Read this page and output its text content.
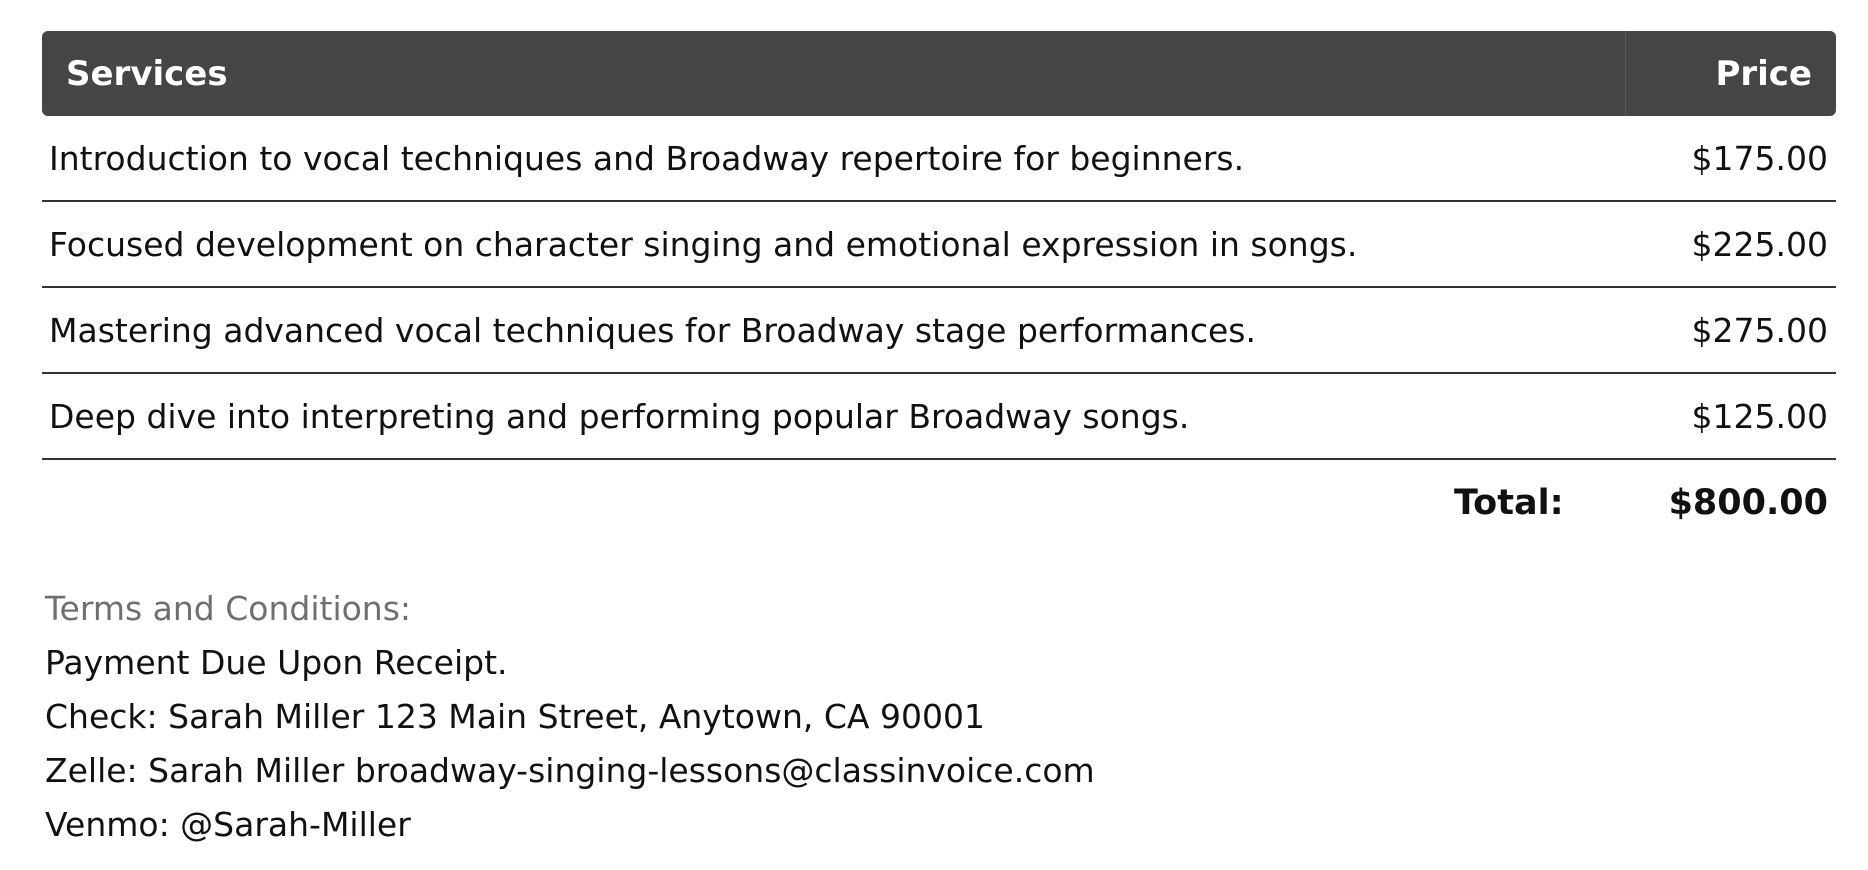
Services	Price
Introduction to vocal techniques and Broadway repertoire for beginners.	$175.00
Focused development on character singing and emotional expression in songs.	$225.00
Mastering advanced vocal techniques for Broadway stage performances.	$275.00
Deep dive into interpreting and performing popular Broadway songs.	$125.00
Total:	$800.00
Terms and Conditions:
Payment Due Upon Receipt.
Check: Sarah Miller 123 Main Street, Anytown, CA 90001
Zelle: Sarah Miller broadway-singing-lessons@classinvoice.com
Venmo: @Sarah-Miller
